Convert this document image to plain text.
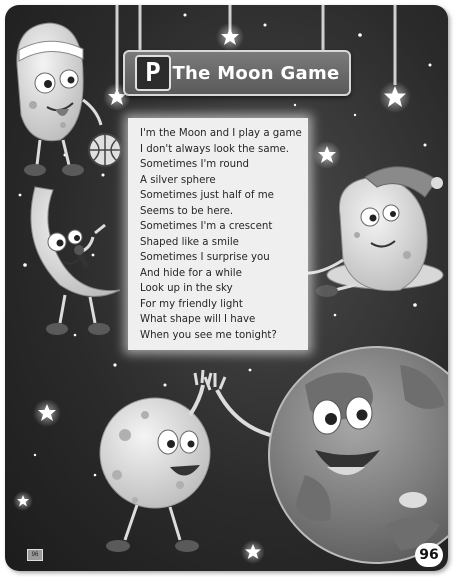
P The Moon Game
I'm the Moon and I play a game
I don't always look the same.
Sometimes I'm round
A silver sphere
Sometimes just half of me
Seems to be here.
Sometimes I'm a crescent
Shaped like a smile
Sometimes I surprise you
And hide for a while
Look up in the sky
For my friendly light
What shape will I have
When you see me tonight?
96	96
